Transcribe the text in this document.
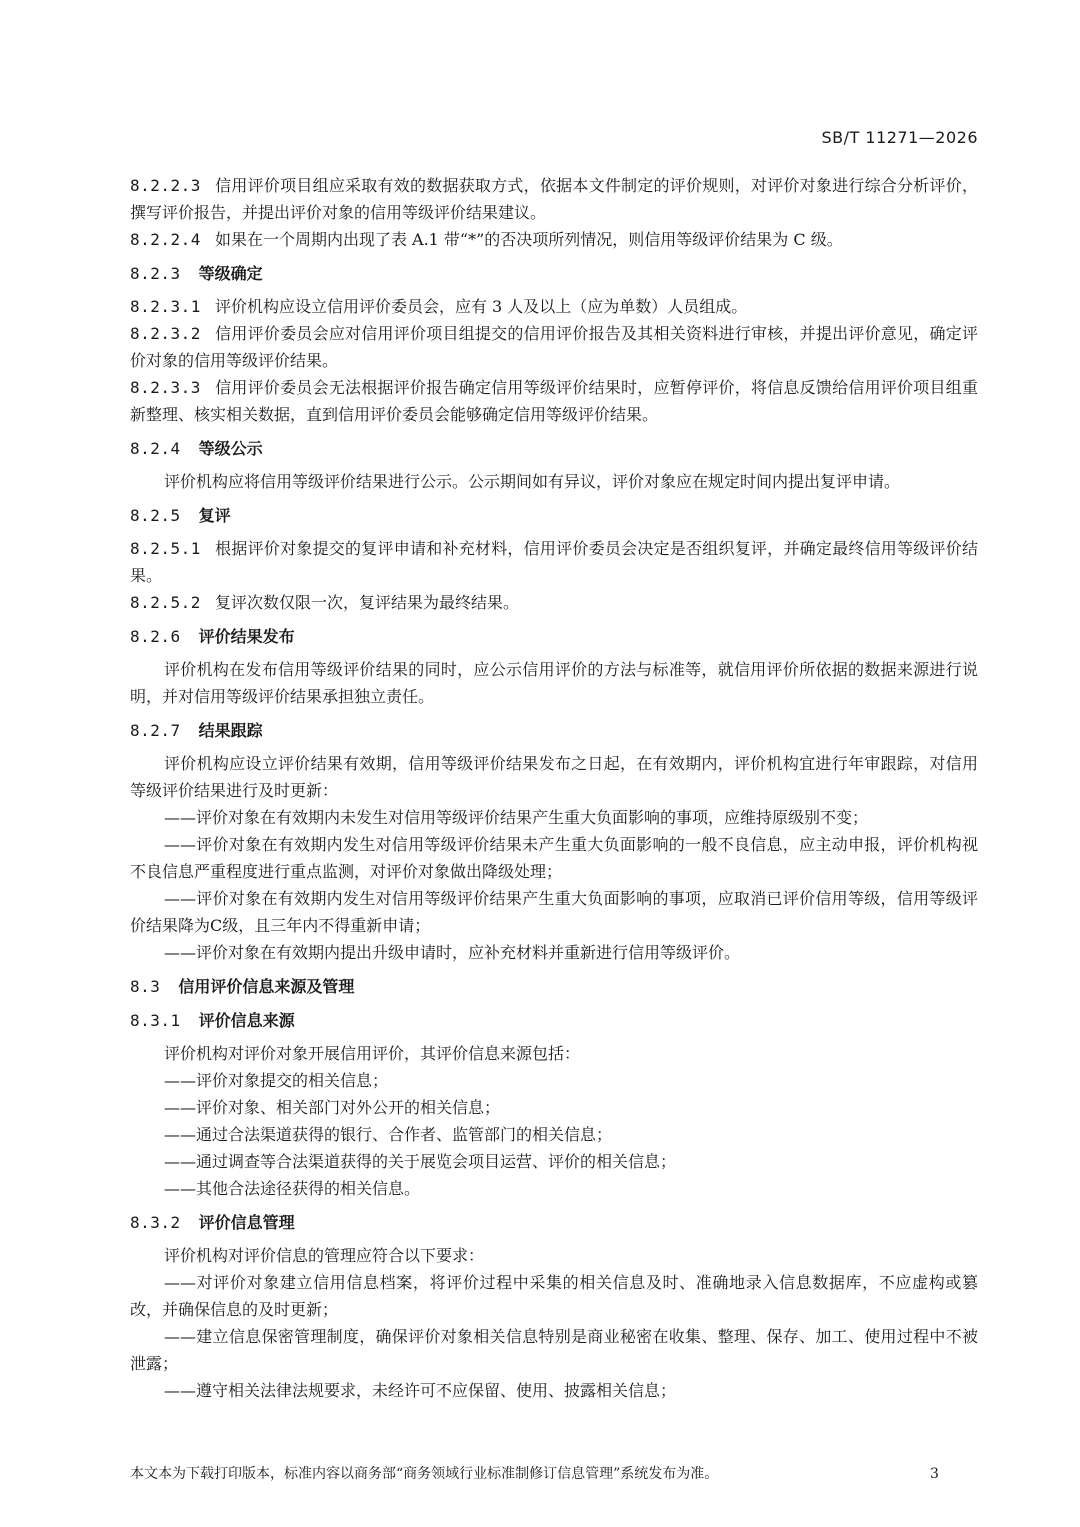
SB/T 11271—2026

8.2.2.3 信用评价项目组应采取有效的数据获取方式，依据本文件制定的评价规则，对评价对象进行综合分析评价，撰写评价报告，并提出评价对象的信用等级评价结果建议。

8.2.2.4 如果在一个周期内出现了表 A.1 带“*”的否决项所列情况，则信用等级评价结果为 C 级。

8.2.3 等级确定

8.2.3.1 评价机构应设立信用评价委员会，应有 3 人及以上（应为单数）人员组成。

8.2.3.2 信用评价委员会应对信用评价项目组提交的信用评价报告及其相关资料进行审核，并提出评价意见，确定评价对象的信用等级评价结果。

8.2.3.3 信用评价委员会无法根据评价报告确定信用等级评价结果时，应暂停评价，将信息反馈给信用评价项目组重新整理、核实相关数据，直到信用评价委员会能够确定信用等级评价结果。

8.2.4 等级公示

评价机构应将信用等级评价结果进行公示。公示期间如有异议，评价对象应在规定时间内提出复评申请。

8.2.5 复评

8.2.5.1 根据评价对象提交的复评申请和补充材料，信用评价委员会决定是否组织复评，并确定最终信用等级评价结果。

8.2.5.2 复评次数仅限一次，复评结果为最终结果。

8.2.6 评价结果发布

评价机构在发布信用等级评价结果的同时，应公示信用评价的方法与标准等，就信用评价所依据的数据来源进行说明，并对信用等级评价结果承担独立责任。

8.2.7 结果跟踪

评价机构应设立评价结果有效期，信用等级评价结果发布之日起，在有效期内，评价机构宜进行年审跟踪，对信用等级评价结果进行及时更新：

——评价对象在有效期内未发生对信用等级评价结果产生重大负面影响的事项，应维持原级别不变；

——评价对象在有效期内发生对信用等级评价结果未产生重大负面影响的一般不良信息，应主动申报，评价机构视不良信息严重程度进行重点监测，对评价对象做出降级处理；

——评价对象在有效期内发生对信用等级评价结果产生重大负面影响的事项，应取消已评价信用等级，信用等级评价结果降为C级，且三年内不得重新申请；

——评价对象在有效期内提出升级申请时，应补充材料并重新进行信用等级评价。

8.3 信用评价信息来源及管理
8.3.1 评价信息来源

评价机构对评价对象开展信用评价，其评价信息来源包括：

——评价对象提交的相关信息；

——评价对象、相关部门对外公开的相关信息；

——通过合法渠道获得的银行、合作者、监管部门的相关信息；

——通过调查等合法渠道获得的关于展览会项目运营、评价的相关信息；

——其他合法途径获得的相关信息。

8.3.2 评价信息管理

评价机构对评价信息的管理应符合以下要求：

——对评价对象建立信用信息档案，将评价过程中采集的相关信息及时、准确地录入信息数据库，不应虚构或篡改，并确保信息的及时更新；

——建立信息保密管理制度，确保评价对象相关信息特别是商业秘密在收集、整理、保存、加工、使用过程中不被泄露；

——遵守相关法律法规要求，未经许可不应保留、使用、披露相关信息；

本文本为下载打印版本，标准内容以商务部“商务领域行业标准制修订信息管理”系统发布为准。	3
